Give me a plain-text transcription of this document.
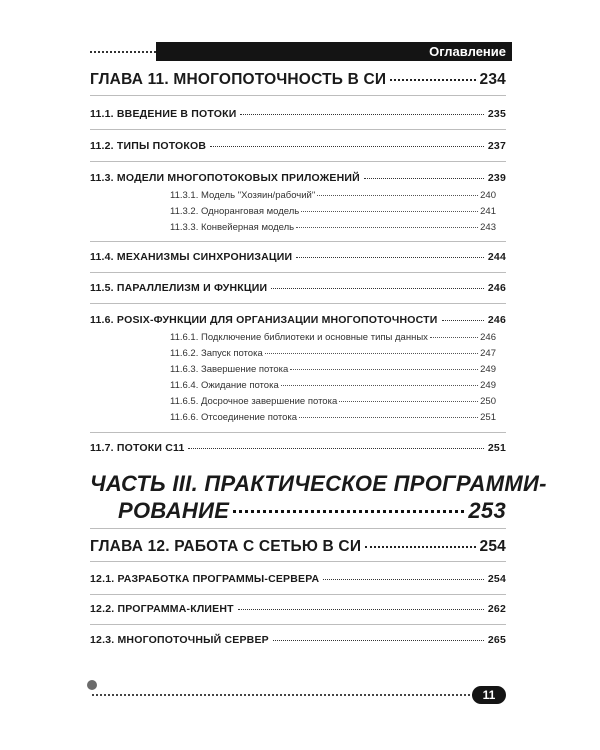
Оглавление
ГЛАВА 11. МНОГОПОТОЧНОСТЬ В СИ	234
11.1. ВВЕДЕНИЕ В ПОТОКИ	235
11.2. ТИПЫ ПОТОКОВ	237
11.3. МОДЕЛИ МНОГОПОТОКОВЫХ ПРИЛОЖЕНИЙ	239
11.3.1. Модель "Хозяин/рабочий"	240
11.3.2. Одноранговая модель	241
11.3.3. Конвейерная модель	243
11.4. МЕХАНИЗМЫ СИНХРОНИЗАЦИИ	244
11.5. ПАРАЛЛЕЛИЗМ И ФУНКЦИИ	246
11.6. POSIX-ФУНКЦИИ ДЛЯ ОРГАНИЗАЦИИ МНОГОПОТОЧНОСТИ	246
11.6.1. Подключение библиотеки и основные типы данных	246
11.6.2. Запуск потока	247
11.6.3. Завершение потока	249
11.6.4. Ожидание потока	249
11.6.5. Досрочное завершение потока	250
11.6.6. Отсоединение потока	251
11.7. ПОТОКИ C11	251
ЧАСТЬ III. ПРАКТИЧЕСКОЕ ПРОГРАММИ-
РОВАНИЕ	253
ГЛАВА 12. РАБОТА С СЕТЬЮ В СИ	254
12.1. РАЗРАБОТКА ПРОГРАММЫ-СЕРВЕРА	254
12.2. ПРОГРАММА-КЛИЕНТ	262
12.3. МНОГОПОТОЧНЫЙ СЕРВЕР	265
11
